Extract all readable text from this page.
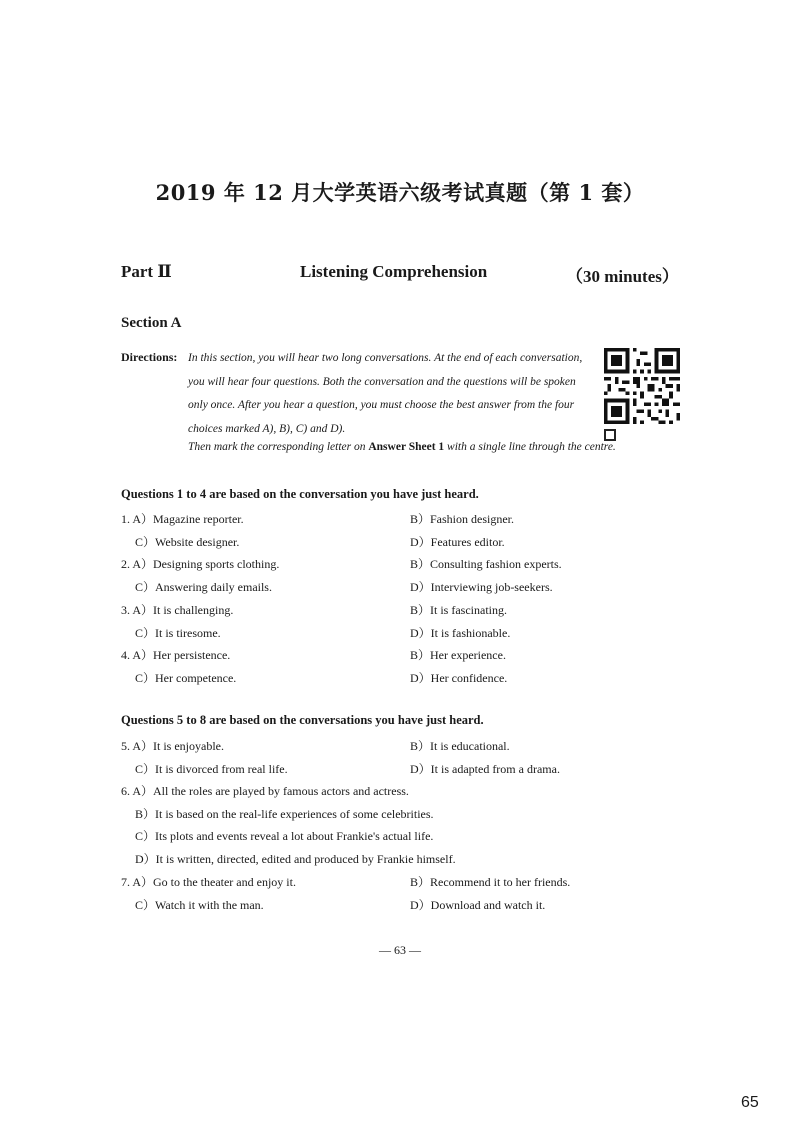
2019 年 12 月大学英语六级考试真题（第 1 套）
Part Ⅱ	Listening Comprehension	（30 minutes）
Section A
Directions: In this section, you will hear two long conversations. At the end of each conversation, you will hear four questions. Both the conversation and the questions will be spoken only once. After you hear a question, you must choose the best answer from the four choices marked A), B), C) and D).
Then mark the corresponding letter on Answer Sheet 1 with a single line through the centre.
Questions 1 to 4 are based on the conversation you have just heard.
1. A）Magazine reporter.	B）Fashion designer.
C）Website designer.	D）Features editor.
2. A）Designing sports clothing.	B）Consulting fashion experts.
C）Answering daily emails.	D）Interviewing job-seekers.
3. A）It is challenging.	B）It is fascinating.
C）It is tiresome.	D）It is fashionable.
4. A）Her persistence.	B）Her experience.
C）Her competence.	D）Her confidence.
Questions 5 to 8 are based on the conversations you have just heard.
5. A）It is enjoyable.	B）It is educational.
C）It is divorced from real life.	D）It is adapted from a drama.
6. A）All the roles are played by famous actors and actress.
B）It is based on the real-life experiences of some celebrities.
C）Its plots and events reveal a lot about Frankie's actual life.
D）It is written, directed, edited and produced by Frankie himself.
7. A）Go to the theater and enjoy it.	B）Recommend it to her friends.
C）Watch it with the man.	D）Download and watch it.
— 63 —
65
